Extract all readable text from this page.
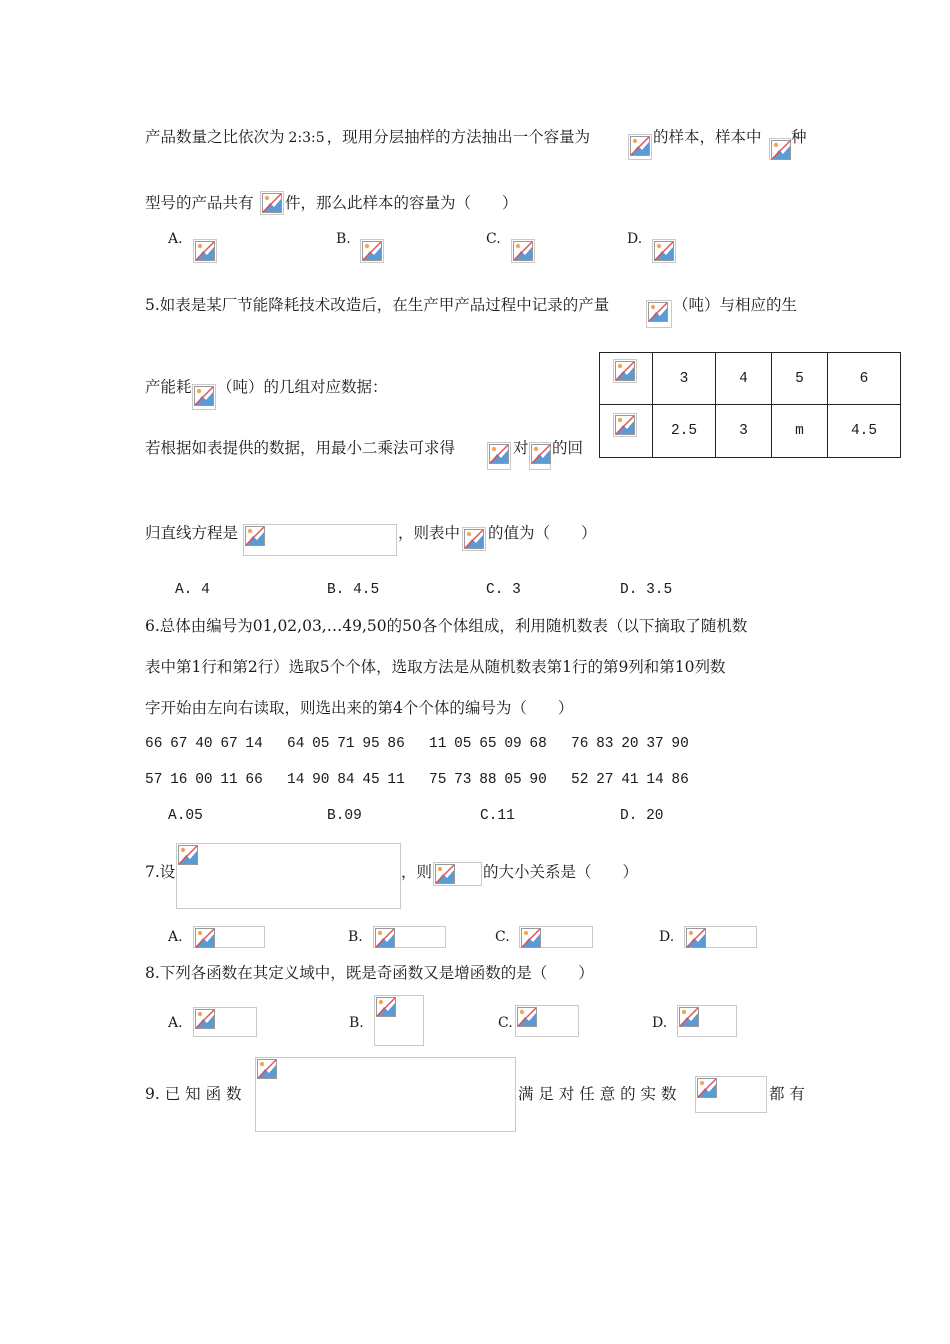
产品数量之比依次为 2:3:5 ，现用分层抽样的方法抽出一个容量为	的样本，样本中 种
型号的产品共有 件，那么此样本的容量为（　　）
A.	B.	C.	D.
5.如表是某厂节能降耗技术改造后，在生产甲产品过程中记录的产量	（吨）与相应的生
产能耗 （吨）的几组对应数据：
若根据如表提供的数据，用最小二乘法可求得	对 的回
	3	4	5	6

	2.5	3	m	4.5
归直线方程是	，则表中 的值为（　　）
A. 4	B. 4.5	C. 3	D. 3.5
6.总体由编号为01,02,03,…49,50的50各个体组成，利用随机数表（以下摘取了随机数
表中第1行和第2行）选取5个个体，选取方法是从随机数表第1行的第9列和第10列数
字开始由左向右读取，则选出来的第4个个体的编号为（　　）
66 67 40 67 14 64 05 71 95 86 11 05 65 09 68 76 83 20 37 90
57 16 00 11 66 14 90 84 45 11 75 73 88 05 90 52 27 41 14 86
A.05	B.09	C.11	D. 20
7.设	，则	的大小关系是（　　）
A.	B.	C.	D.
8.下列各函数在其定义域中，既是奇函数又是增函数的是（　　）
A.	B.	C.	D.
9. 已 知 函 数	满 足 对 任 意 的 实 数	都 有
